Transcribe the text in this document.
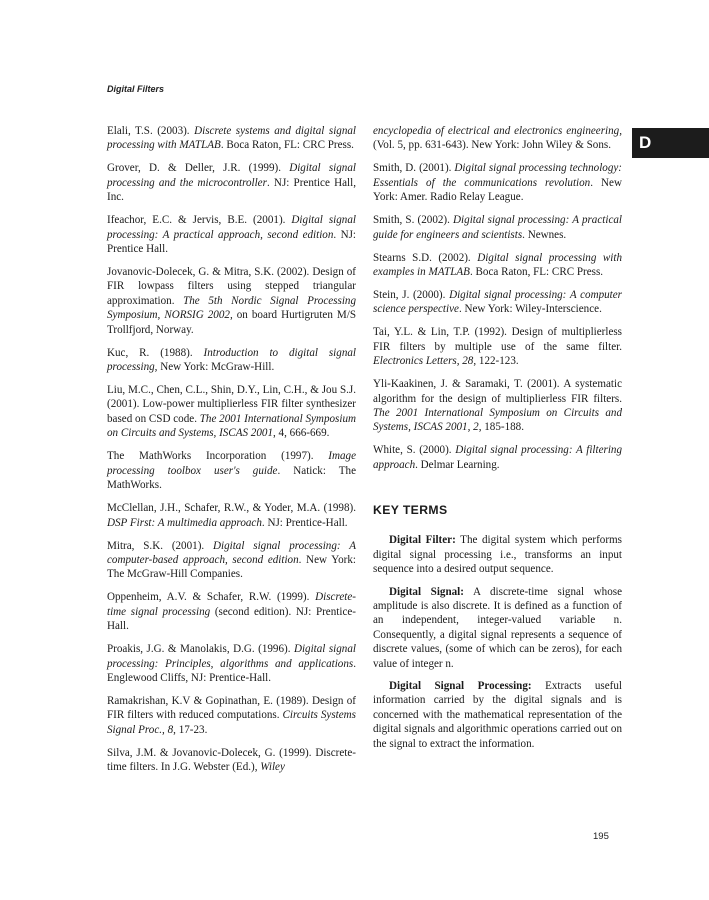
Digital Filters
D

Elali, T.S. (2003). Discrete systems and digital signal processing with MATLAB. Boca Raton, FL: CRC Press.

Grover, D. & Deller, J.R. (1999). Digital signal processing and the microcontroller. NJ: Prentice Hall, Inc.

Ifeachor, E.C. & Jervis, B.E. (2001). Digital signal processing: A practical approach, second edition. NJ: Prentice Hall.

Jovanovic-Dolecek, G. & Mitra, S.K. (2002). Design of FIR lowpass filters using stepped triangular approximation. The 5th Nordic Signal Processing Symposium, NORSIG 2002, on board Hurtigruten M/S Trollfjord, Norway.

Kuc, R. (1988). Introduction to digital signal processing, New York: McGraw-Hill.

Liu, M.C., Chen, C.L., Shin, D.Y., Lin, C.H., & Jou S.J. (2001). Low-power multiplierless FIR filter synthesizer based on CSD code. The 2001 International Symposium on Circuits and Systems, ISCAS 2001, 4, 666-669.

The MathWorks Incorporation (1997). Image processing toolbox user's guide. Natick: The MathWorks.

McClellan, J.H., Schafer, R.W., & Yoder, M.A. (1998). DSP First: A multimedia approach. NJ: Prentice-Hall.

Mitra, S.K. (2001). Digital signal processing: A computer-based approach, second edition. New York: The McGraw-Hill Companies.

Oppenheim, A.V. & Schafer, R.W. (1999). Discrete-time signal processing (second edition). NJ: Prentice-Hall.

Proakis, J.G. & Manolakis, D.G. (1996). Digital signal processing: Principles, algorithms and applications. Englewood Cliffs, NJ: Prentice-Hall.

Ramakrishan, K.V & Gopinathan, E. (1989). Design of FIR filters with reduced computations. Circuits Systems Signal Proc., 8, 17-23.

Silva, J.M. & Jovanovic-Dolecek, G. (1999). Discrete-time filters. In J.G. Webster (Ed.), Wiley

encyclopedia of electrical and electronics engineering, (Vol. 5, pp. 631-643). New York: John Wiley & Sons.

Smith, D. (2001). Digital signal processing technology: Essentials of the communications revolution. New York: Amer. Radio Relay League.

Smith, S. (2002). Digital signal processing: A practical guide for engineers and scientists. Newnes.

Stearns S.D. (2002). Digital signal processing with examples in MATLAB. Boca Raton, FL: CRC Press.

Stein, J. (2000). Digital signal processing: A computer science perspective. New York: Wiley-Interscience.

Tai, Y.L. & Lin, T.P. (1992). Design of multiplierless FIR filters by multiple use of the same filter. Electronics Letters, 28, 122-123.

Yli-Kaakinen, J. & Saramaki, T. (2001). A systematic algorithm for the design of multiplierless FIR filters. The 2001 International Symposium on Circuits and Systems, ISCAS 2001, 2, 185-188.

White, S. (2000). Digital signal processing: A filtering approach. Delmar Learning.

KEY TERMS

Digital Filter: The digital system which performs digital signal processing i.e., transforms an input sequence into a desired output sequence.

Digital Signal: A discrete-time signal whose amplitude is also discrete. It is defined as a function of an independent, integer-valued variable n. Consequently, a digital signal represents a sequence of discrete values, (some of which can be zeros), for each value of integer n.

Digital Signal Processing: Extracts useful information carried by the digital signals and is concerned with the mathematical representation of the digital signals and algorithmic operations carried out on the signal to extract the information.

195
